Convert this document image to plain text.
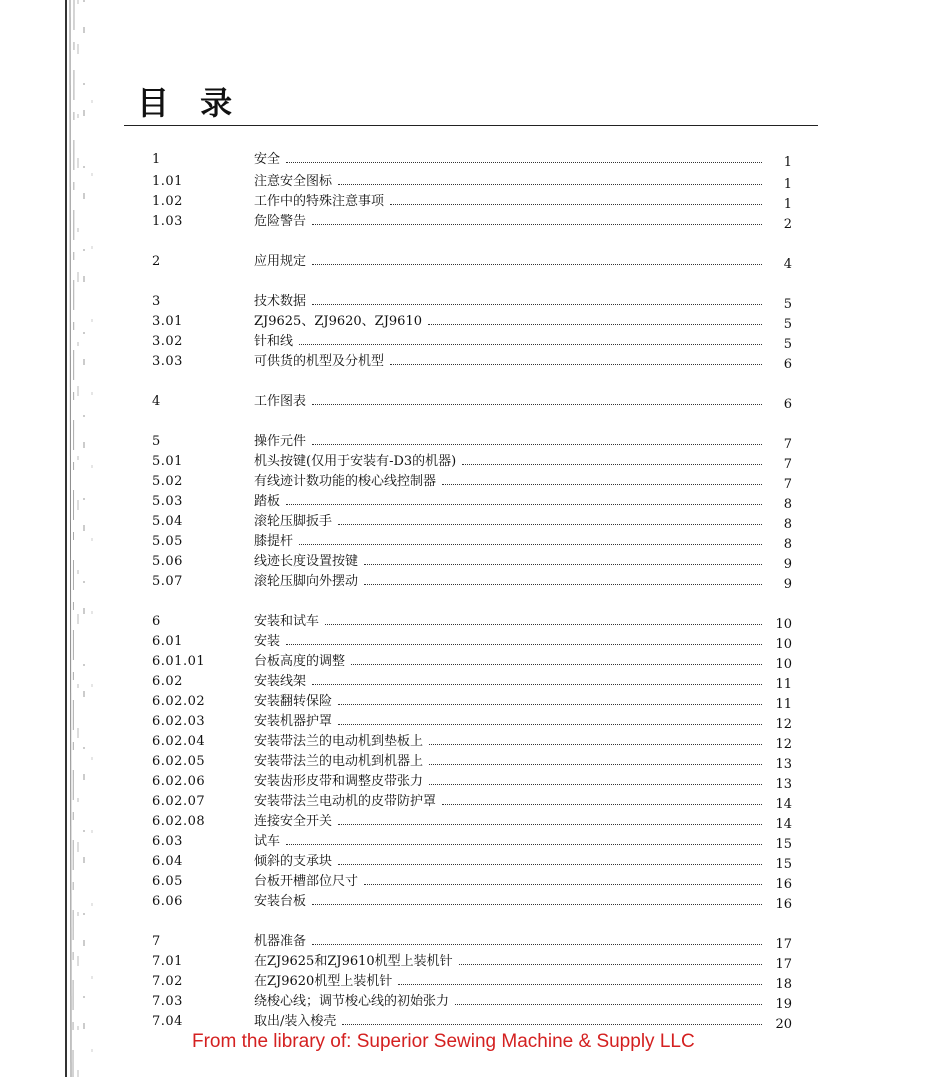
目 录
1	安全	1
1.01	注意安全图标	1
1.02	工作中的特殊注意事项	1
1.03	危险警告	2
2	应用规定	4
3	技术数据	5
3.01	ZJ9625、ZJ9620、ZJ9610	5
3.02	针和线	5
3.03	可供货的机型及分机型	6
4	工作图表	6
5	操作元件	7
5.01	机头按键(仅用于安装有-D3的机器)	7
5.02	有线迹计数功能的梭心线控制器	7
5.03	踏板	8
5.04	滚轮压脚扳手	8
5.05	膝提杆	8
5.06	线迹长度设置按键	9
5.07	滚轮压脚向外摆动	9
6	安装和试车	10
6.01	安装	10
6.01.01	台板高度的调整	10
6.02	安装线架	11
6.02.02	安装翻转保险	11
6.02.03	安装机器护罩	12
6.02.04	安装带法兰的电动机到垫板上	12
6.02.05	安装带法兰的电动机到机器上	13
6.02.06	安装齿形皮带和调整皮带张力	13
6.02.07	安装带法兰电动机的皮带防护罩	14
6.02.08	连接安全开关	14
6.03	试车	15
6.04	倾斜的支承块	15
6.05	台板开槽部位尺寸	16
6.06	安装台板	16
7	机器准备	17
7.01	在ZJ9625和ZJ9610机型上装机针	17
7.02	在ZJ9620机型上装机针	18
7.03	绕梭心线；调节梭心线的初始张力	19
7.04	取出/装入梭壳	20
From the library of: Superior Sewing Machine & Supply LLC
